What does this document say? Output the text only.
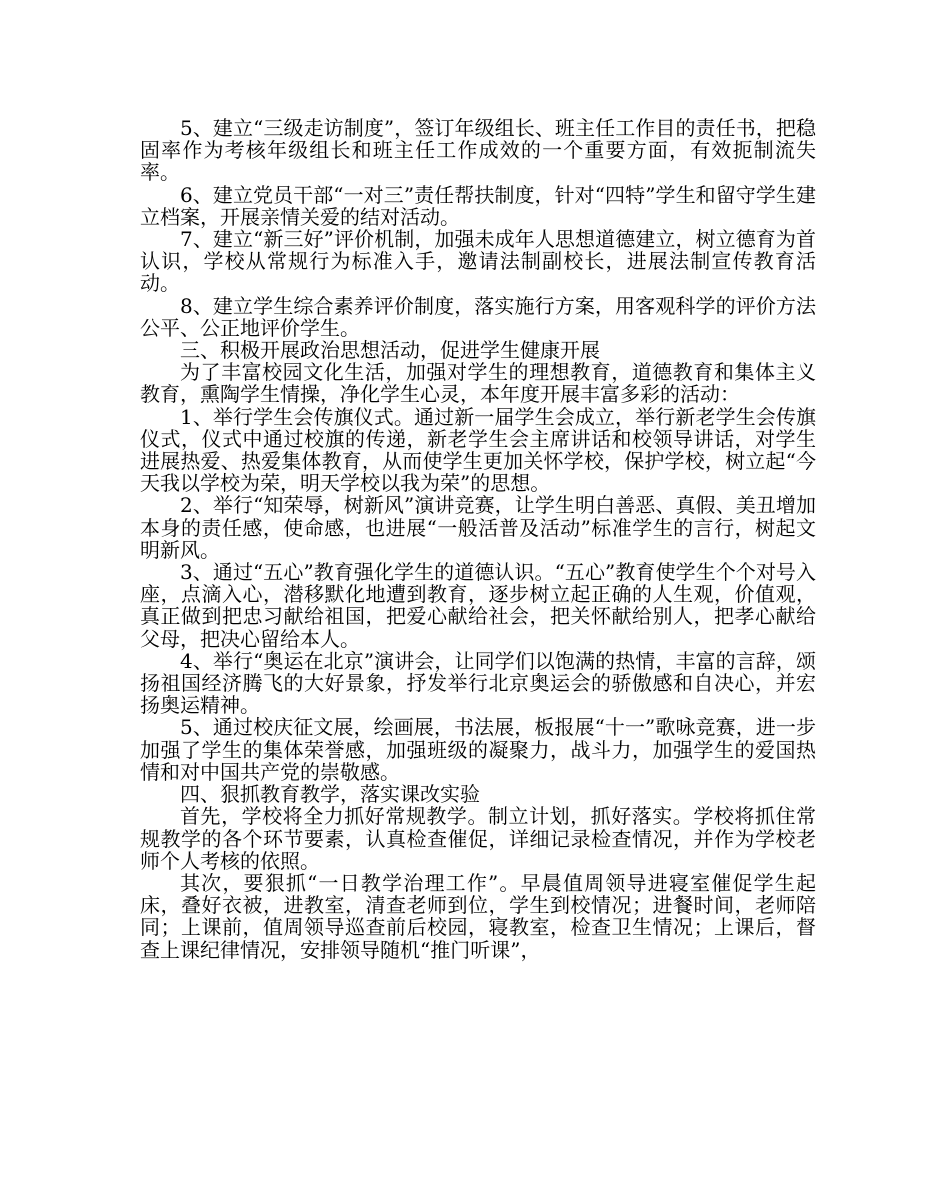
5、建立“三级走访制度”，签订年级组长、班主任工作目的责任书，把稳固率作为考核年级组长和班主任工作成效的一个重要方面，有效扼制流失率。

6、建立党员干部“一对三”责任帮扶制度，针对“四特”学生和留守学生建立档案，开展亲情关爱的结对活动。

7、建立“新三好”评价机制，加强未成年人思想道德建立，树立德育为首认识，学校从常规行为标准入手，邀请法制副校长，进展法制宣传教育活动。

8、建立学生综合素养评价制度，落实施行方案，用客观科学的评价方法公平、公正地评价学生。

三、积极开展政治思想活动，促进学生健康开展

为了丰富校园文化生活，加强对学生的理想教育，道德教育和集体主义教育，熏陶学生情操，净化学生心灵，本年度开展丰富多彩的活动：

1、举行学生会传旗仪式。通过新一届学生会成立，举行新老学生会传旗仪式，仪式中通过校旗的传递，新老学生会主席讲话和校领导讲话，对学生进展热爱、热爱集体教育，从而使学生更加关怀学校，保护学校，树立起“今天我以学校为荣，明天学校以我为荣”的思想。

2、举行“知荣辱，树新风”演讲竞赛，让学生明白善恶、真假、美丑增加本身的责任感，使命感，也进展“一般活普及活动”标准学生的言行，树起文明新风。

3、通过“五心”教育强化学生的道德认识。“五心”教育使学生个个对号入座，点滴入心，潜移默化地遭到教育，逐步树立起正确的人生观，价值观，真正做到把忠习献给祖国，把爱心献给社会，把关怀献给别人，把孝心献给父母，把决心留给本人。

4、举行“奥运在北京”演讲会，让同学们以饱满的热情，丰富的言辞，颂扬祖国经济腾飞的大好景象，抒发举行北京奥运会的骄傲感和自决心，并宏扬奥运精神。

5、通过校庆征文展，绘画展，书法展，板报展“十一”歌咏竞赛，进一步加强了学生的集体荣誉感，加强班级的凝聚力，战斗力，加强学生的爱国热情和对中国共产党的崇敬感。

四、狠抓教育教学，落实课改实验

首先，学校将全力抓好常规教学。制立计划，抓好落实。学校将抓住常规教学的各个环节要素，认真检查催促，详细记录检查情况，并作为学校老师个人考核的依照。

其次，要狠抓“一日教学治理工作”。早晨值周领导进寝室催促学生起床，叠好衣被，进教室，清查老师到位，学生到校情况；进餐时间，老师陪同；上课前，值周领导巡查前后校园，寝教室，检查卫生情况；上课后，督查上课纪律情况，安排领导随机“推门听课”，
